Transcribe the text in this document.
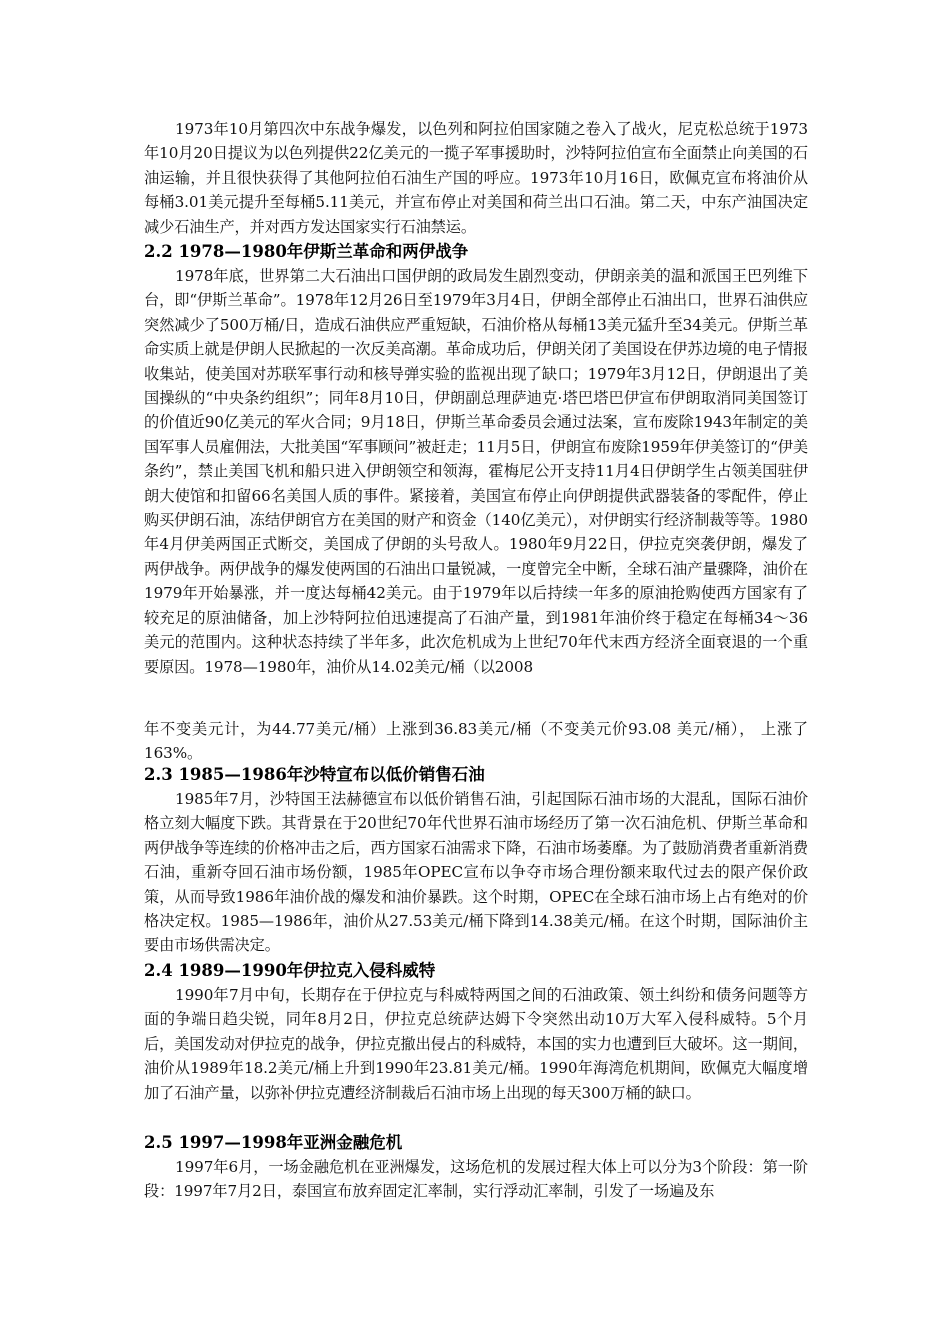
1973年10月第四次中东战争爆发，以色列和阿拉伯国家随之卷入了战火，尼克松总统于1973年10月20日提议为以色列提供22亿美元的一揽子军事援助时，沙特阿拉伯宣布全面禁止向美国的石油运输，并且很快获得了其他阿拉伯石油生产国的呼应。1973年10月16日，欧佩克宣布将油价从每桶3.01美元提升至每桶5.11美元，并宣布停止对美国和荷兰出口石油。第二天，中东产油国决定减少石油生产，并对西方发达国家实行石油禁运。

2.2 1978—1980年伊斯兰革命和两伊战争

1978年底，世界第二大石油出口国伊朗的政局发生剧烈变动，伊朗亲美的温和派国王巴列维下台，即“伊斯兰革命”。1978年12月26日至1979年3月4日，伊朗全部停止石油出口，世界石油供应突然减少了500万桶/日，造成石油供应严重短缺，石油价格从每桶13美元猛升至34美元。伊斯兰革命实质上就是伊朗人民掀起的一次反美高潮。革命成功后，伊朗关闭了美国设在伊苏边境的电子情报收集站，使美国对苏联军事行动和核导弹实验的监视出现了缺口；1979年3月12日，伊朗退出了美国操纵的“中央条约组织”；同年8月10日，伊朗副总理萨迪克·塔巴塔巴伊宣布伊朗取消同美国签订的价值近90亿美元的军火合同；9月18日，伊斯兰革命委员会通过法案，宣布废除1943年制定的美国军事人员雇佣法，大批美国“军事顾问”被赶走；11月5日，伊朗宣布废除1959年伊美签订的“伊美条约”，禁止美国飞机和船只进入伊朗领空和领海，霍梅尼公开支持11月4日伊朗学生占领美国驻伊朗大使馆和扣留66名美国人质的事件。紧接着，美国宣布停止向伊朗提供武器装备的零配件，停止购买伊朗石油，冻结伊朗官方在美国的财产和资金（140亿美元），对伊朗实行经济制裁等等。1980年4月伊美两国正式断交，美国成了伊朗的头号敌人。1980年9月22日，伊拉克突袭伊朗，爆发了两伊战争。两伊战争的爆发使两国的石油出口量锐减，一度曾完全中断，全球石油产量骤降，油价在1979年开始暴涨，并一度达每桶42美元。由于1979年以后持续一年多的原油抢购使西方国家有了较充足的原油储备，加上沙特阿拉伯迅速提高了石油产量，到1981年油价终于稳定在每桶34～36美元的范围内。这种状态持续了半年多，此次危机成为上世纪70年代末西方经济全面衰退的一个重要原因。1978—1980年，油价从14.02美元/桶（以2008

年不变美元计，为44.77美元/桶）上涨到36.83美元/桶（不变美元价93.08 美元/桶）， 上涨了163%。

2.3 1985—1986年沙特宣布以低价销售石油

1985年7月，沙特国王法赫德宣布以低价销售石油，引起国际石油市场的大混乱，国际石油价格立刻大幅度下跌。其背景在于20世纪70年代世界石油市场经历了第一次石油危机、伊斯兰革命和两伊战争等连续的价格冲击之后，西方国家石油需求下降，石油市场萎靡。为了鼓励消费者重新消费石油，重新夺回石油市场份额，1985年OPEC宣布以争夺市场合理份额来取代过去的限产保价政策，从而导致1986年油价战的爆发和油价暴跌。这个时期，OPEC在全球石油市场上占有绝对的价格决定权。1985—1986年，油价从27.53美元/桶下降到14.38美元/桶。在这个时期，国际油价主要由市场供需决定。

2.4 1989—1990年伊拉克入侵科威特

1990年7月中旬，长期存在于伊拉克与科威特两国之间的石油政策、领土纠纷和债务问题等方面的争端日趋尖锐，同年8月2日，伊拉克总统萨达姆下令突然出动10万大军入侵科威特。5个月后，美国发动对伊拉克的战争，伊拉克撤出侵占的科威特，本国的实力也遭到巨大破坏。这一期间，油价从1989年18.2美元/桶上升到1990年23.81美元/桶。1990年海湾危机期间，欧佩克大幅度增加了石油产量，以弥补伊拉克遭经济制裁后石油市场上出现的每天300万桶的缺口。

2.5 1997—1998年亚洲金融危机

1997年6月，一场金融危机在亚洲爆发，这场危机的发展过程大体上可以分为3个阶段：第一阶段：1997年7月2日，泰国宣布放弃固定汇率制，实行浮动汇率制，引发了一场遍及东
